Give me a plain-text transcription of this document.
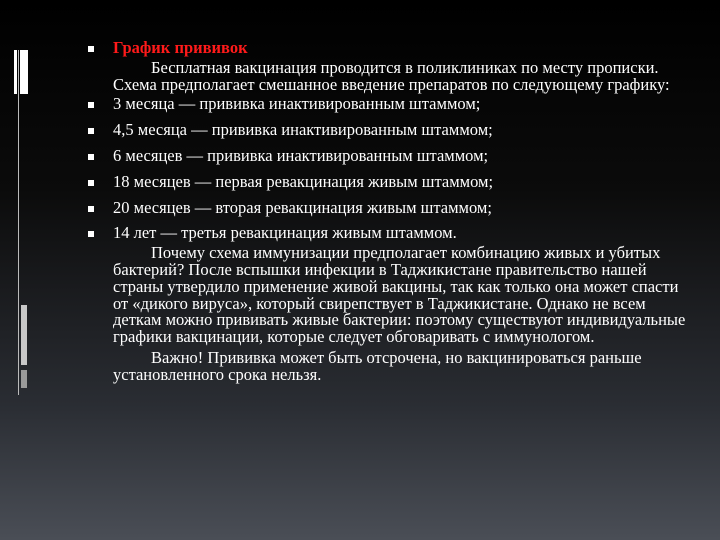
График прививок
Бесплатная вакцинация проводится в поликлиниках по месту прописки. Схема предполагает смешанное введение препаратов по следующему графику:
3 месяца — прививка инактивированным штаммом;
4,5 месяца — прививка инактивированным штаммом;
6 месяцев — прививка инактивированным штаммом;
18 месяцев — первая ревакцинация живым штаммом;
20 месяцев — вторая ревакцинация живым штаммом;
14 лет — третья ревакцинация живым штаммом.
Почему схема иммунизации предполагает комбинацию живых и убитых бактерий? После вспышки инфекции в Таджикистане правительство нашей страны утвердило применение живой вакцины, так как только она может спасти от «дикого вируса», который свирепствует в Таджикистане. Однако не всем деткам можно прививать живые бактерии: поэтому существуют индивидуальные графики вакцинации, которые следует обговаривать с иммунологом.
Важно! Прививка может быть отсрочена, но вакцинироваться раньше установленного срока нельзя.
